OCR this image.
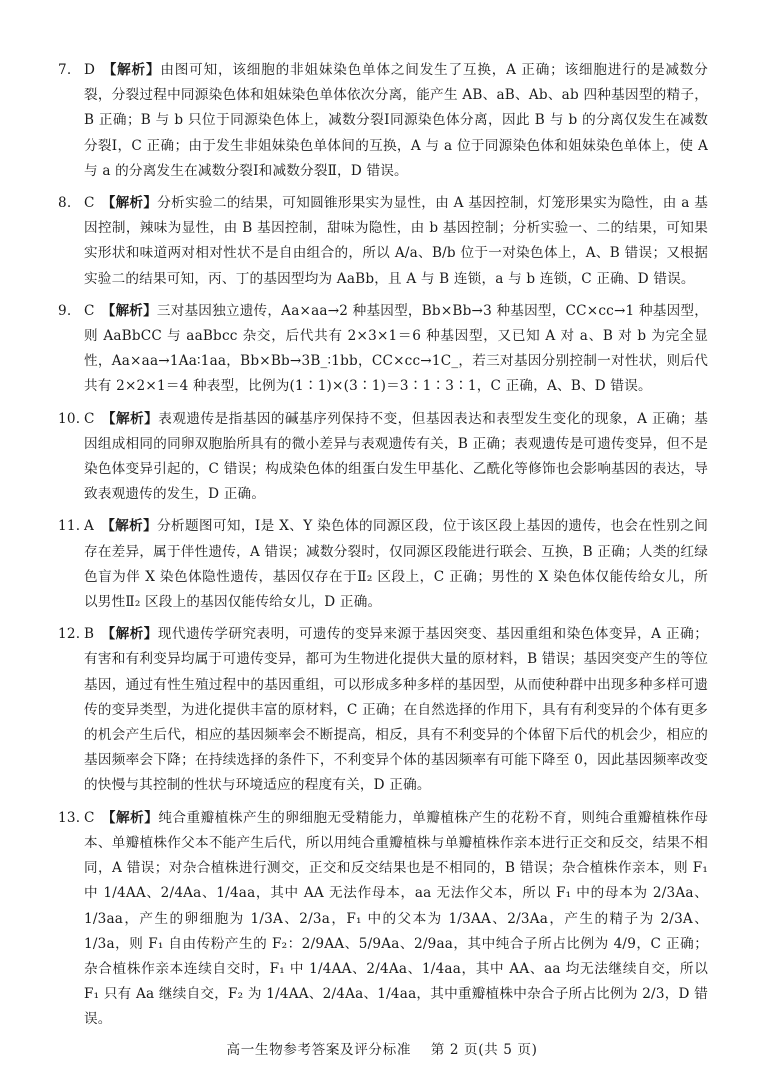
7. D  【解析】由图可知，该细胞的非姐妹染色单体之间发生了互换，A 正确；该细胞进行的是减数分裂，分裂过程中同源染色体和姐妹染色单体依次分离，能产生 AB、aB、Ab、ab 四种基因型的精子，B 正确；B 与 b 只位于同源染色体上，减数分裂Ⅰ同源染色体分离，因此 B 与 b 的分离仅发生在减数分裂Ⅰ，C 正确；由于发生非姐妹染色单体间的互换，A 与 a 位于同源染色体和姐妹染色单体上，使 A 与 a 的分离发生在减数分裂Ⅰ和减数分裂Ⅱ，D 错误。
8. C  【解析】分析实验二的结果，可知圆锥形果实为显性，由 A 基因控制，灯笼形果实为隐性，由 a 基因控制，辣味为显性，由 B 基因控制，甜味为隐性，由 b 基因控制；分析实验一、二的结果，可知果实形状和味道两对相对性状不是自由组合的，所以 A/a、B/b 位于一对染色体上，A、B 错误；又根据实验二的结果可知，丙、丁的基因型均为 AaBb，且 A 与 B 连锁，a 与 b 连锁，C 正确、D 错误。
9. C  【解析】三对基因独立遗传，Aa×aa→2 种基因型，Bb×Bb→3 种基因型，CC×cc→1 种基因型，则 AaBbCC 与 aaBbcc 杂交，后代共有 2×3×1＝6 种基因型，又已知 A 对 a、B 对 b 为完全显性，Aa×aa→1Aa∶1aa，Bb×Bb→3B_∶1bb，CC×cc→1C_，若三对基因分别控制一对性状，则后代共有 2×2×1＝4 种表型，比例为(1∶1)×(3∶1)＝3∶1∶3∶1，C 正确，A、B、D 错误。
10. C  【解析】表观遗传是指基因的碱基序列保持不变，但基因表达和表型发生变化的现象，A 正确；基因组成相同的同卵双胞胎所具有的微小差异与表观遗传有关，B 正确；表观遗传是可遗传变异，但不是染色体变异引起的，C 错误；构成染色体的组蛋白发生甲基化、乙酰化等修饰也会影响基因的表达，导致表观遗传的发生，D 正确。
11. A  【解析】分析题图可知，Ⅰ是 X、Y 染色体的同源区段，位于该区段上基因的遗传，也会在性别之间存在差异，属于伴性遗传，A 错误；减数分裂时，仅同源区段能进行联会、互换，B 正确；人类的红绿色盲为伴 X 染色体隐性遗传，基因仅存在于Ⅱ₂ 区段上，C 正确；男性的 X 染色体仅能传给女儿，所以男性Ⅱ₂ 区段上的基因仅能传给女儿，D 正确。
12. B  【解析】现代遗传学研究表明，可遗传的变异来源于基因突变、基因重组和染色体变异，A 正确；有害和有利变异均属于可遗传变异，都可为生物进化提供大量的原材料，B 错误；基因突变产生的等位基因，通过有性生殖过程中的基因重组，可以形成多种多样的基因型，从而使种群中出现多种多样可遗传的变异类型，为进化提供丰富的原材料，C 正确；在自然选择的作用下，具有有利变异的个体有更多的机会产生后代，相应的基因频率会不断提高，相反，具有不利变异的个体留下后代的机会少，相应的基因频率会下降；在持续选择的条件下，不利变异个体的基因频率有可能下降至 0，因此基因频率改变的快慢与其控制的性状与环境适应的程度有关，D 正确。
13. C  【解析】纯合重瓣植株产生的卵细胞无受精能力，单瓣植株产生的花粉不育，则纯合重瓣植株作母本、单瓣植株作父本不能产生后代，所以用纯合重瓣植株与单瓣植株作亲本进行正交和反交，结果不相同，A 错误；对杂合植株进行测交，正交和反交结果也是不相同的，B 错误；杂合植株作亲本，则 F₁ 中 1/4AA、2/4Aa、1/4aa，其中 AA 无法作母本，aa 无法作父本，所以 F₁ 中的母本为 2/3Aa、1/3aa，产生的卵细胞为 1/3A、2/3a，F₁ 中的父本为 1/3AA、2/3Aa，产生的精子为 2/3A、1/3a，则 F₁ 自由传粉产生的 F₂：2/9AA、5/9Aa、2/9aa，其中纯合子所占比例为 4/9，C 正确；杂合植株作亲本连续自交时，F₁ 中 1/4AA、2/4Aa、1/4aa，其中 AA、aa 均无法继续自交，所以 F₁ 只有 Aa 继续自交，F₂ 为 1/4AA、2/4Aa、1/4aa，其中重瓣植株中杂合子所占比例为 2/3，D 错误。
高一生物参考答案及评分标准 第 2 页(共 5 页)
